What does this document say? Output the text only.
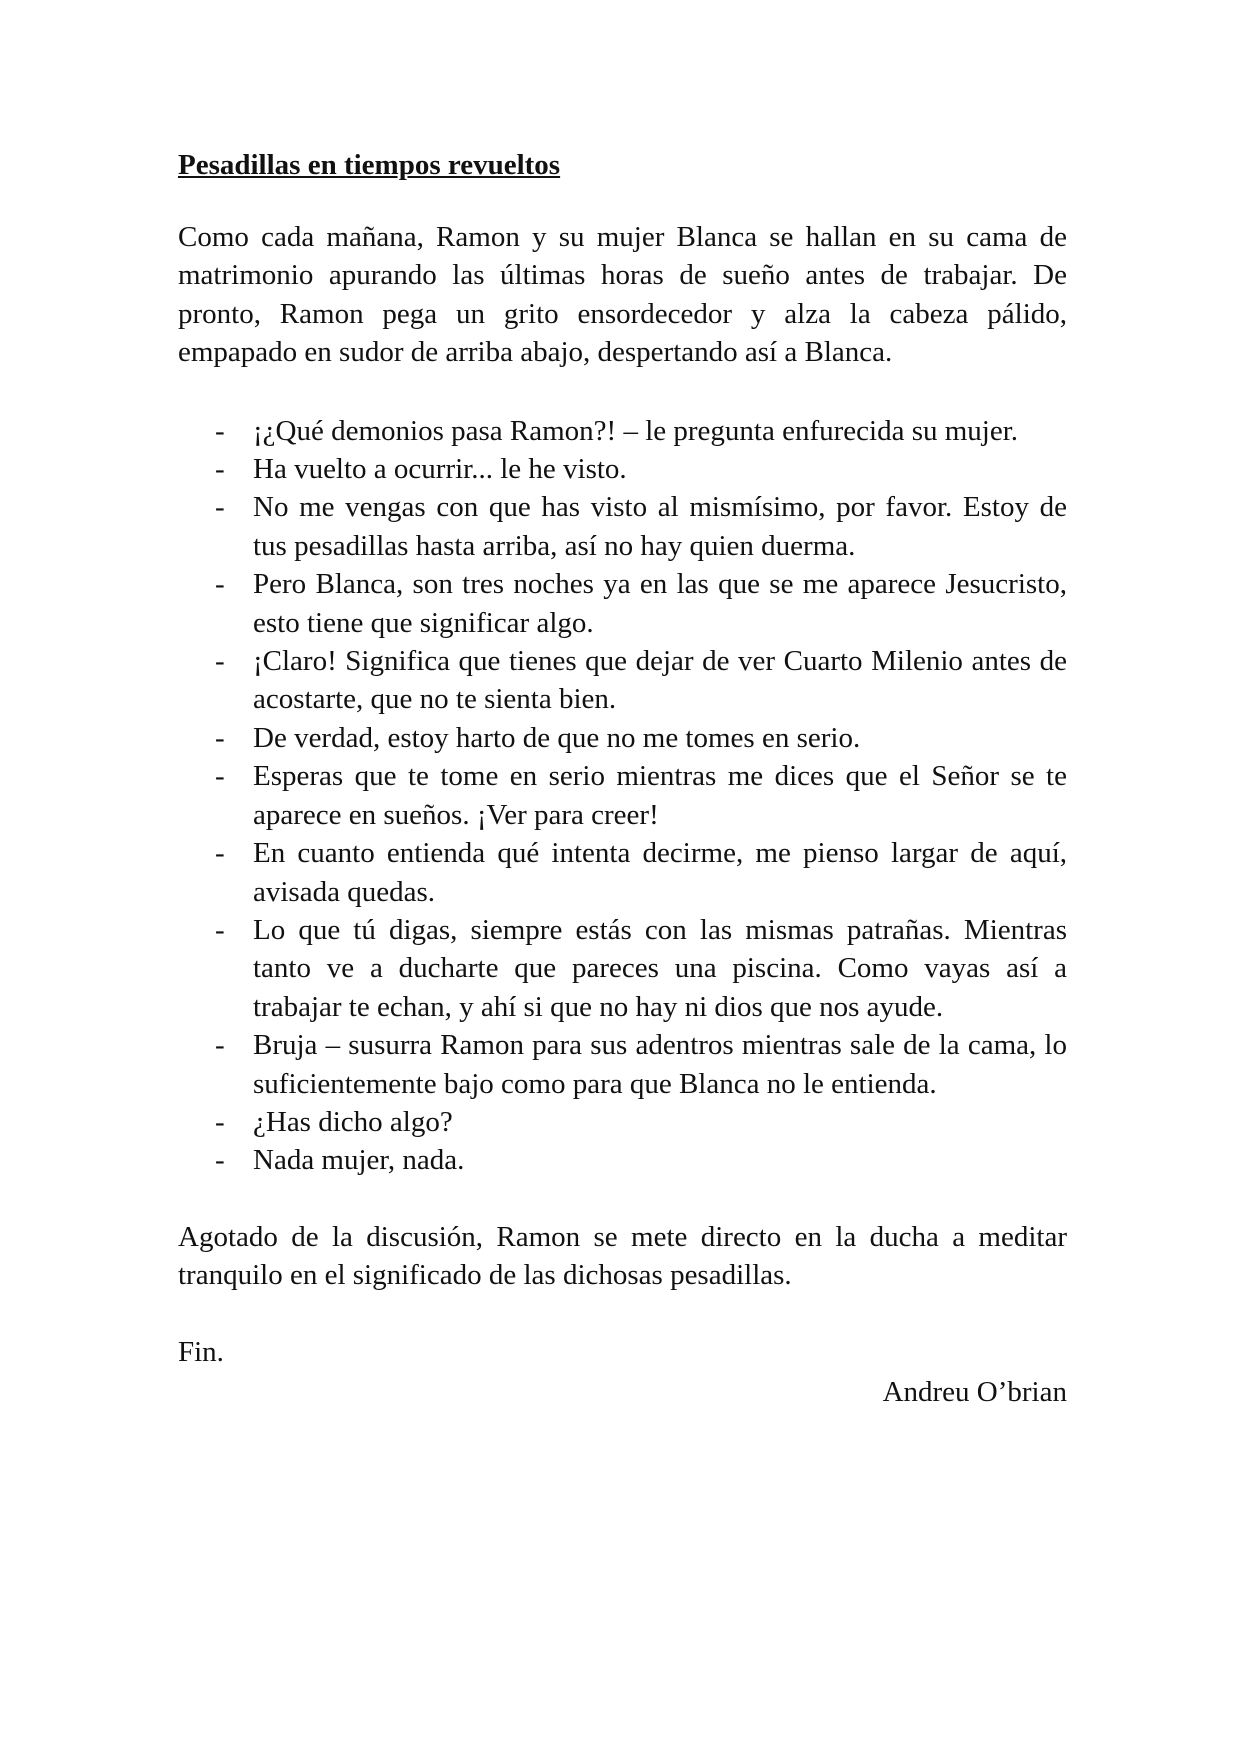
Pesadillas en tiempos revueltos

Como cada mañana, Ramon y su mujer Blanca se hallan en su cama de matrimonio apurando las últimas horas de sueño antes de trabajar. De pronto, Ramon pega un grito ensordecedor y alza la cabeza pálido, empapado en sudor de arriba abajo, despertando así a Blanca.

- ¡¿Qué demonios pasa Ramon?! – le pregunta enfurecida su mujer.
- Ha vuelto a ocurrir... le he visto.
- No me vengas con que has visto al mismísimo, por favor. Estoy de tus pesadillas hasta arriba, así no hay quien duerma.
- Pero Blanca, son tres noches ya en las que se me aparece Jesucristo, esto tiene que significar algo.
- ¡Claro! Significa que tienes que dejar de ver Cuarto Milenio antes de acostarte, que no te sienta bien.
- De verdad, estoy harto de que no me tomes en serio.
- Esperas que te tome en serio mientras me dices que el Señor se te aparece en sueños. ¡Ver para creer!
- En cuanto entienda qué intenta decirme, me pienso largar de aquí, avisada quedas.
- Lo que tú digas, siempre estás con las mismas patrañas. Mientras tanto ve a ducharte que pareces una piscina. Como vayas así a trabajar te echan, y ahí si que no hay ni dios que nos ayude.
- Bruja – susurra Ramon para sus adentros mientras sale de la cama, lo suficientemente bajo como para que Blanca no le entienda.
- ¿Has dicho algo?
- Nada mujer, nada.

Agotado de la discusión, Ramon se mete directo en la ducha a meditar tranquilo en el significado de las dichosas pesadillas.

Fin.

Andreu O’brian
